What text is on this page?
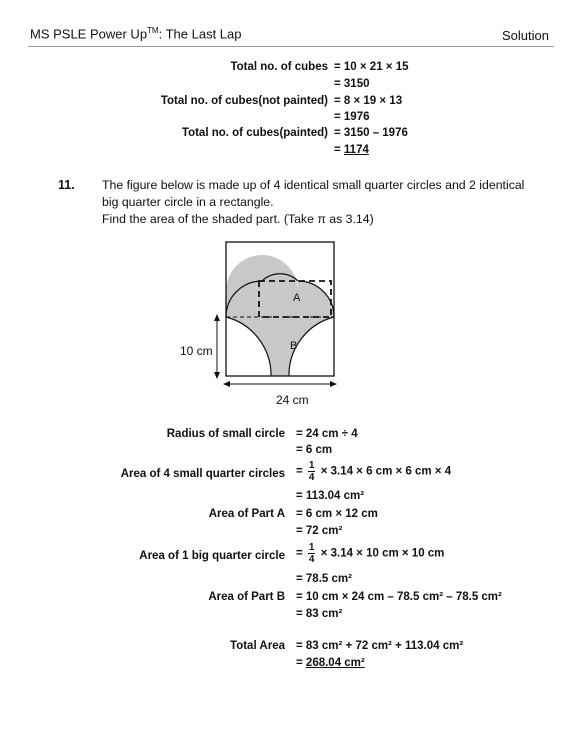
MS PSLE Power Up™: The Last Lap	Solution
Total no. of cubes = 10 × 21 × 15
= 3150
Total no. of cubes(not painted) = 8 × 19 × 13
= 1976
Total no. of cubes(painted) = 3150 – 1976
= 1174
11. The figure below is made up of 4 identical small quarter circles and 2 identical
big quarter circle in a rectangle.
Find the area of the shaded part. (Take π as 3.14)
A
B
10 cm
24 cm
Radius of small circle = 24 cm ÷ 4
= 6 cm
Area of 4 small quarter circles = $\frac{1}{4} \times 3.14 \times 6$ cm × 6 cm × 4
= 113.04 cm²
Area of Part A = 6 cm × 12 cm
= 72 cm²
Area of 1 big quarter circle = $\frac{1}{4} \times 3.14 \times 10$ cm × 10 cm
= 78.5 cm²
Area of Part B = 10 cm × 24 cm – 78.5 cm² – 78.5 cm²
= 83 cm²
Total Area = 83 cm² + 72 cm² + 113.04 cm²
= 268.04 cm²
